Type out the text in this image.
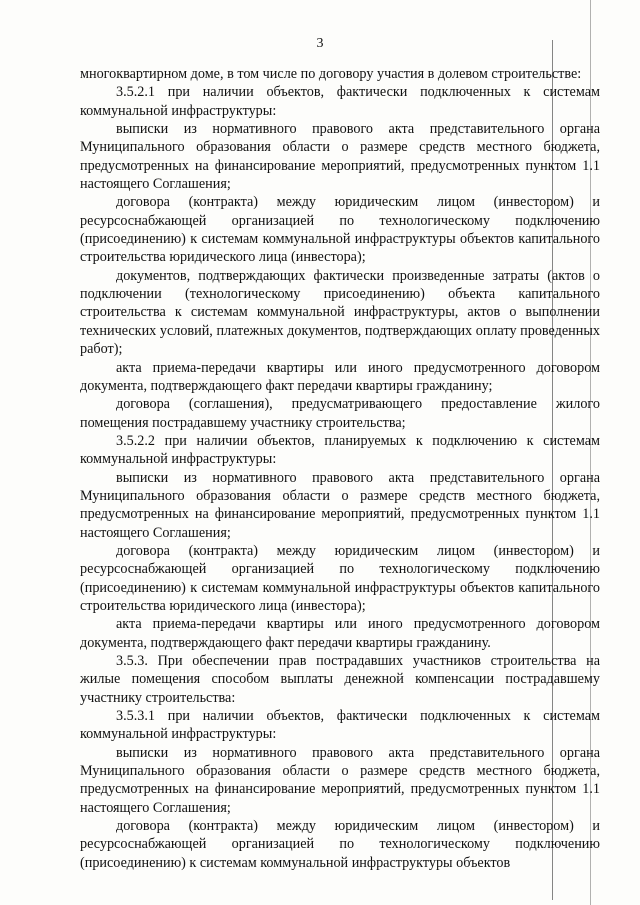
3

многоквартирном доме, в том числе по договору участия в долевом строительстве:

3.5.2.1 при наличии объектов, фактически подключенных к системам коммунальной инфраструктуры:

выписки из нормативного правового акта представительного органа Муниципального образования области о размере средств местного бюджета, предусмотренных на финансирование мероприятий, предусмотренных пунктом 1.1 настоящего Соглашения;

договора (контракта) между юридическим лицом (инвестором) и ресурсоснабжающей организацией по технологическому подключению (присоединению) к системам коммунальной инфраструктуры объектов капитального строительства юридического лица (инвестора);

документов, подтверждающих фактически произведенные затраты (актов о подключении (технологическому присоединению) объекта капитального строительства к системам коммунальной инфраструктуры, актов о выполнении технических условий, платежных документов, подтверждающих оплату проведенных работ);

акта приема-передачи квартиры или иного предусмотренного договором документа, подтверждающего факт передачи квартиры гражданину;

договора (соглашения), предусматривающего предоставление жилого помещения пострадавшему участнику строительства;

3.5.2.2 при наличии объектов, планируемых к подключению к системам коммунальной инфраструктуры:

выписки из нормативного правового акта представительного органа Муниципального образования области о размере средств местного бюджета, предусмотренных на финансирование мероприятий, предусмотренных пунктом 1.1 настоящего Соглашения;

договора (контракта) между юридическим лицом (инвестором) и ресурсоснабжающей организацией по технологическому подключению (присоединению) к системам коммунальной инфраструктуры объектов капитального строительства юридического лица (инвестора);

акта приема-передачи квартиры или иного предусмотренного договором документа, подтверждающего факт передачи квартиры гражданину.

3.5.3. При обеспечении прав пострадавших участников строительства на жилые помещения способом выплаты денежной компенсации пострадавшему участнику строительства:

3.5.3.1 при наличии объектов, фактически подключенных к системам коммунальной инфраструктуры:

выписки из нормативного правового акта представительного органа Муниципального образования области о размере средств местного бюджета, предусмотренных на финансирование мероприятий, предусмотренных пунктом 1.1 настоящего Соглашения;

договора (контракта) между юридическим лицом (инвестором) и ресурсоснабжающей организацией по технологическому подключению (присоединению) к системам коммунальной инфраструктуры объектов
